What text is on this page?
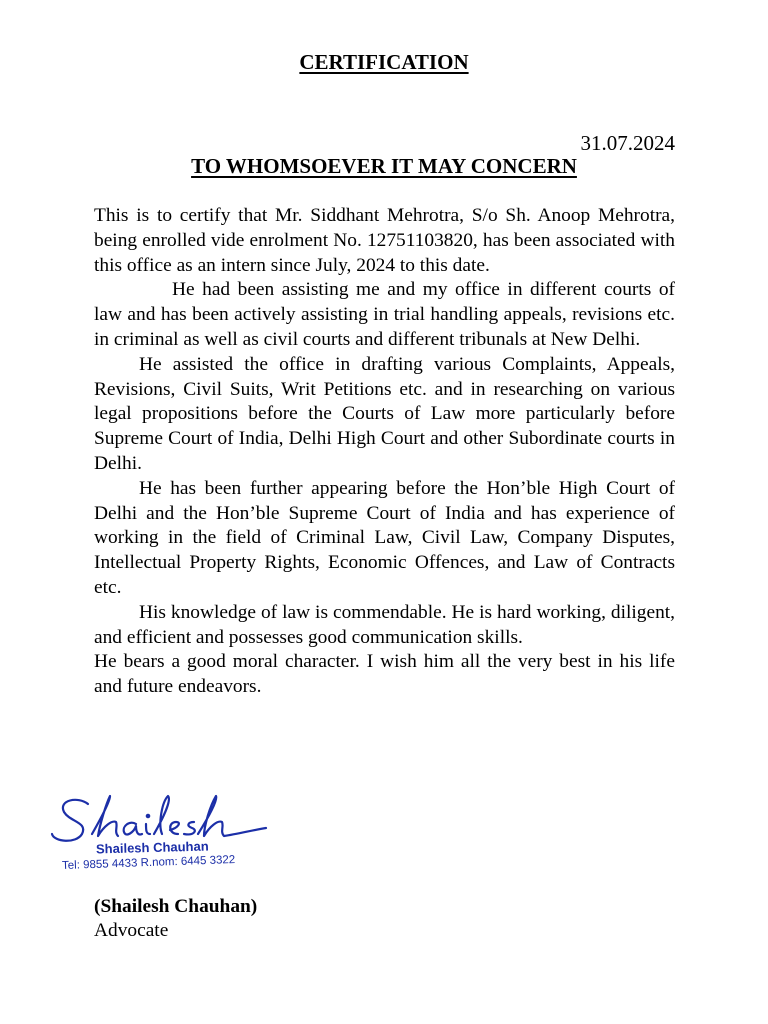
CERTIFICATION
31.07.2024
TO WHOMSOEVER IT MAY CONCERN

This is to certify that Mr. Siddhant Mehrotra, S/o Sh. Anoop Mehrotra, being enrolled vide enrolment No. 12751103820, has been associated with this office as an intern since July, 2024 to this date.

He had been assisting me and my office in different courts of law and has been actively assisting in trial handling appeals, revisions etc. in criminal as well as civil courts and different tribunals at New Delhi.

He assisted the office in drafting various Complaints, Appeals, Revisions, Civil Suits, Writ Petitions etc. and in researching on various legal propositions before the Courts of Law more particularly before Supreme Court of India, Delhi High Court and other Subordinate courts in Delhi.

He has been further appearing before the Hon’ble High Court of Delhi and the Hon’ble Supreme Court of India and has experience of working in the field of Criminal Law, Civil Law, Company Disputes, Intellectual Property Rights, Economic Offences, and Law of Contracts etc.

His knowledge of law is commendable. He is hard working, diligent, and efficient and possesses good communication skills.

He bears a good moral character. I wish him all the very best in his life and future endeavors.

Shailesh Chauhan
Tel: 9855 4433 R.nom: 6445 3322
(Shailesh Chauhan)
Advocate
